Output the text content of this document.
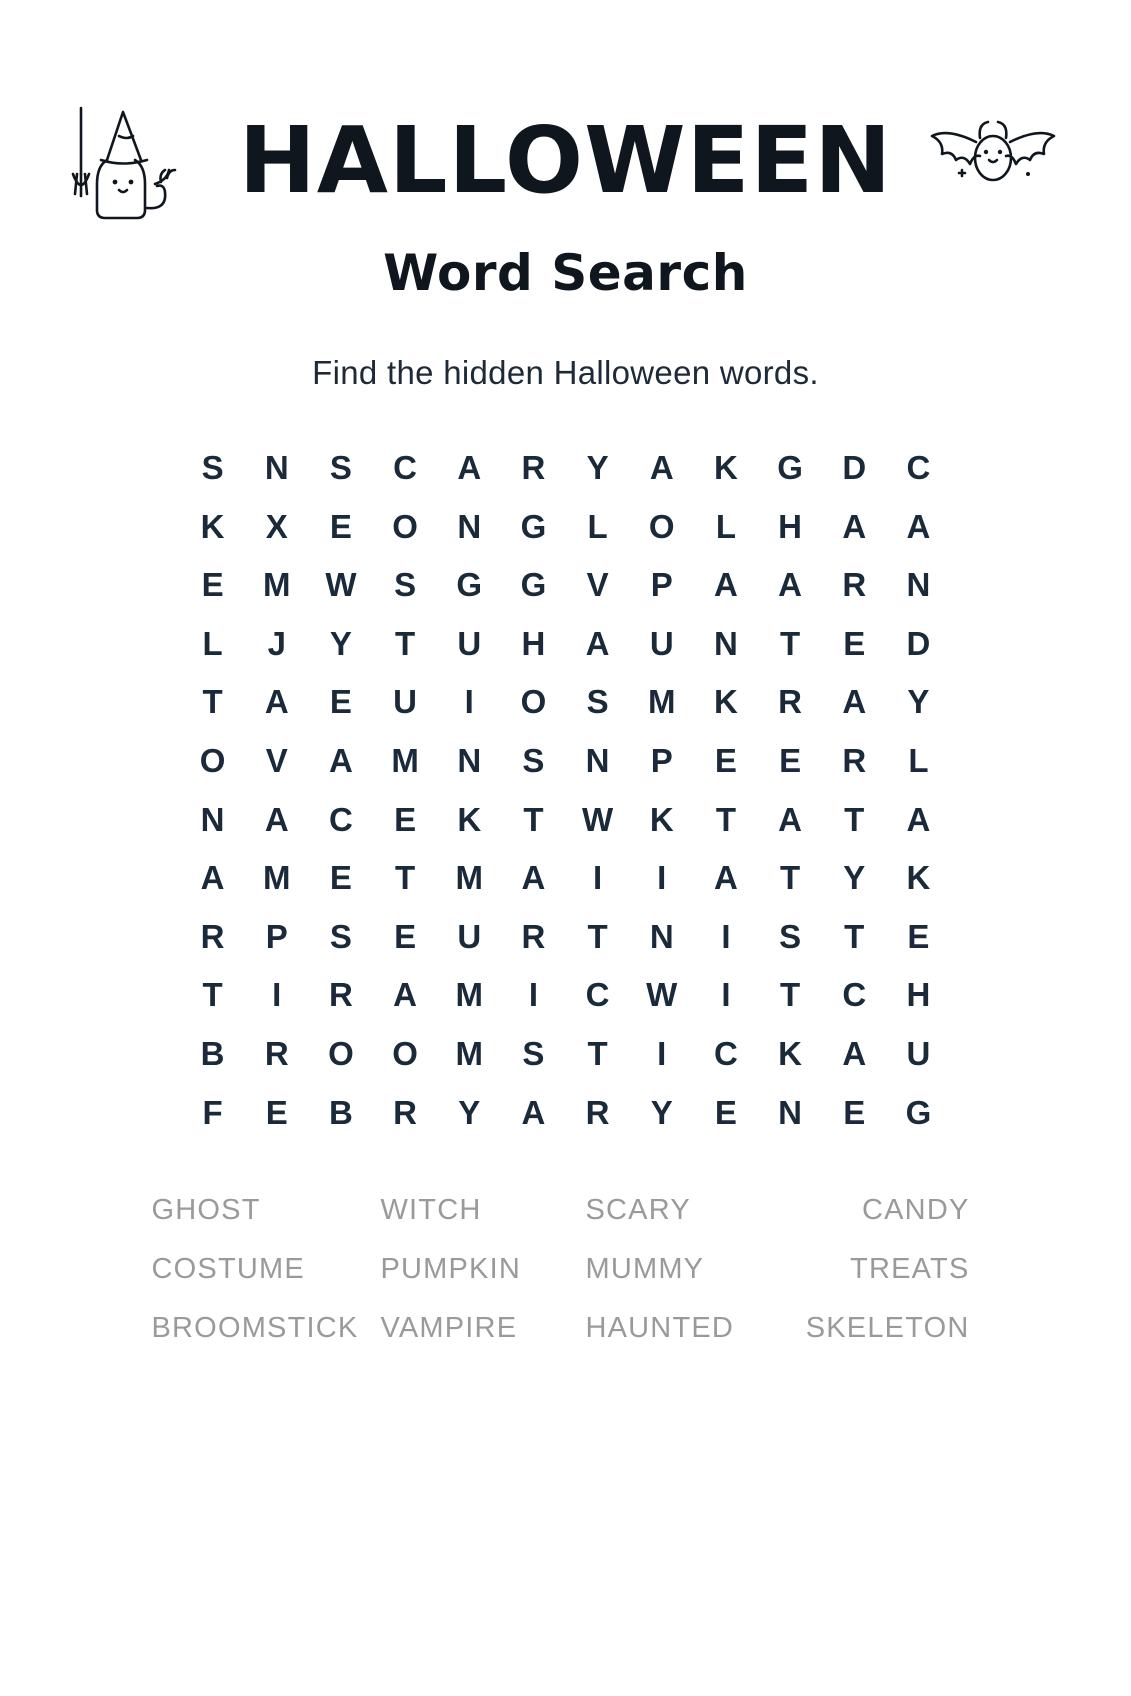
HALLOWEEN
Word Search
Find the hidden Halloween words.
S	N	S	C	A	R	Y	A	K	G	D	C
K	X	E	O	N	G	L	O	L	H	A	A
E	M	W	S	G	G	V	P	A	A	R	N
L	J	Y	T	U	H	A	U	N	T	E	D
T	A	E	U	I	O	S	M	K	R	A	Y
O	V	A	M	N	S	N	P	E	E	R	L
N	A	C	E	K	T	W	K	T	A	T	A
A	M	E	T	M	A	I	I	A	T	Y	K
R	P	S	E	U	R	T	N	I	S	T	E
T	I	R	A	M	I	C	W	I	T	C	H
B	R	O	O	M	S	T	I	C	K	A	U
F	E	B	R	Y	A	R	Y	E	N	E	G
GHOST	WITCH	SCARY	CANDY
COSTUME	PUMPKIN	MUMMY	TREATS
BROOMSTICK VAMPIRE	HAUNTED	SKELETON
